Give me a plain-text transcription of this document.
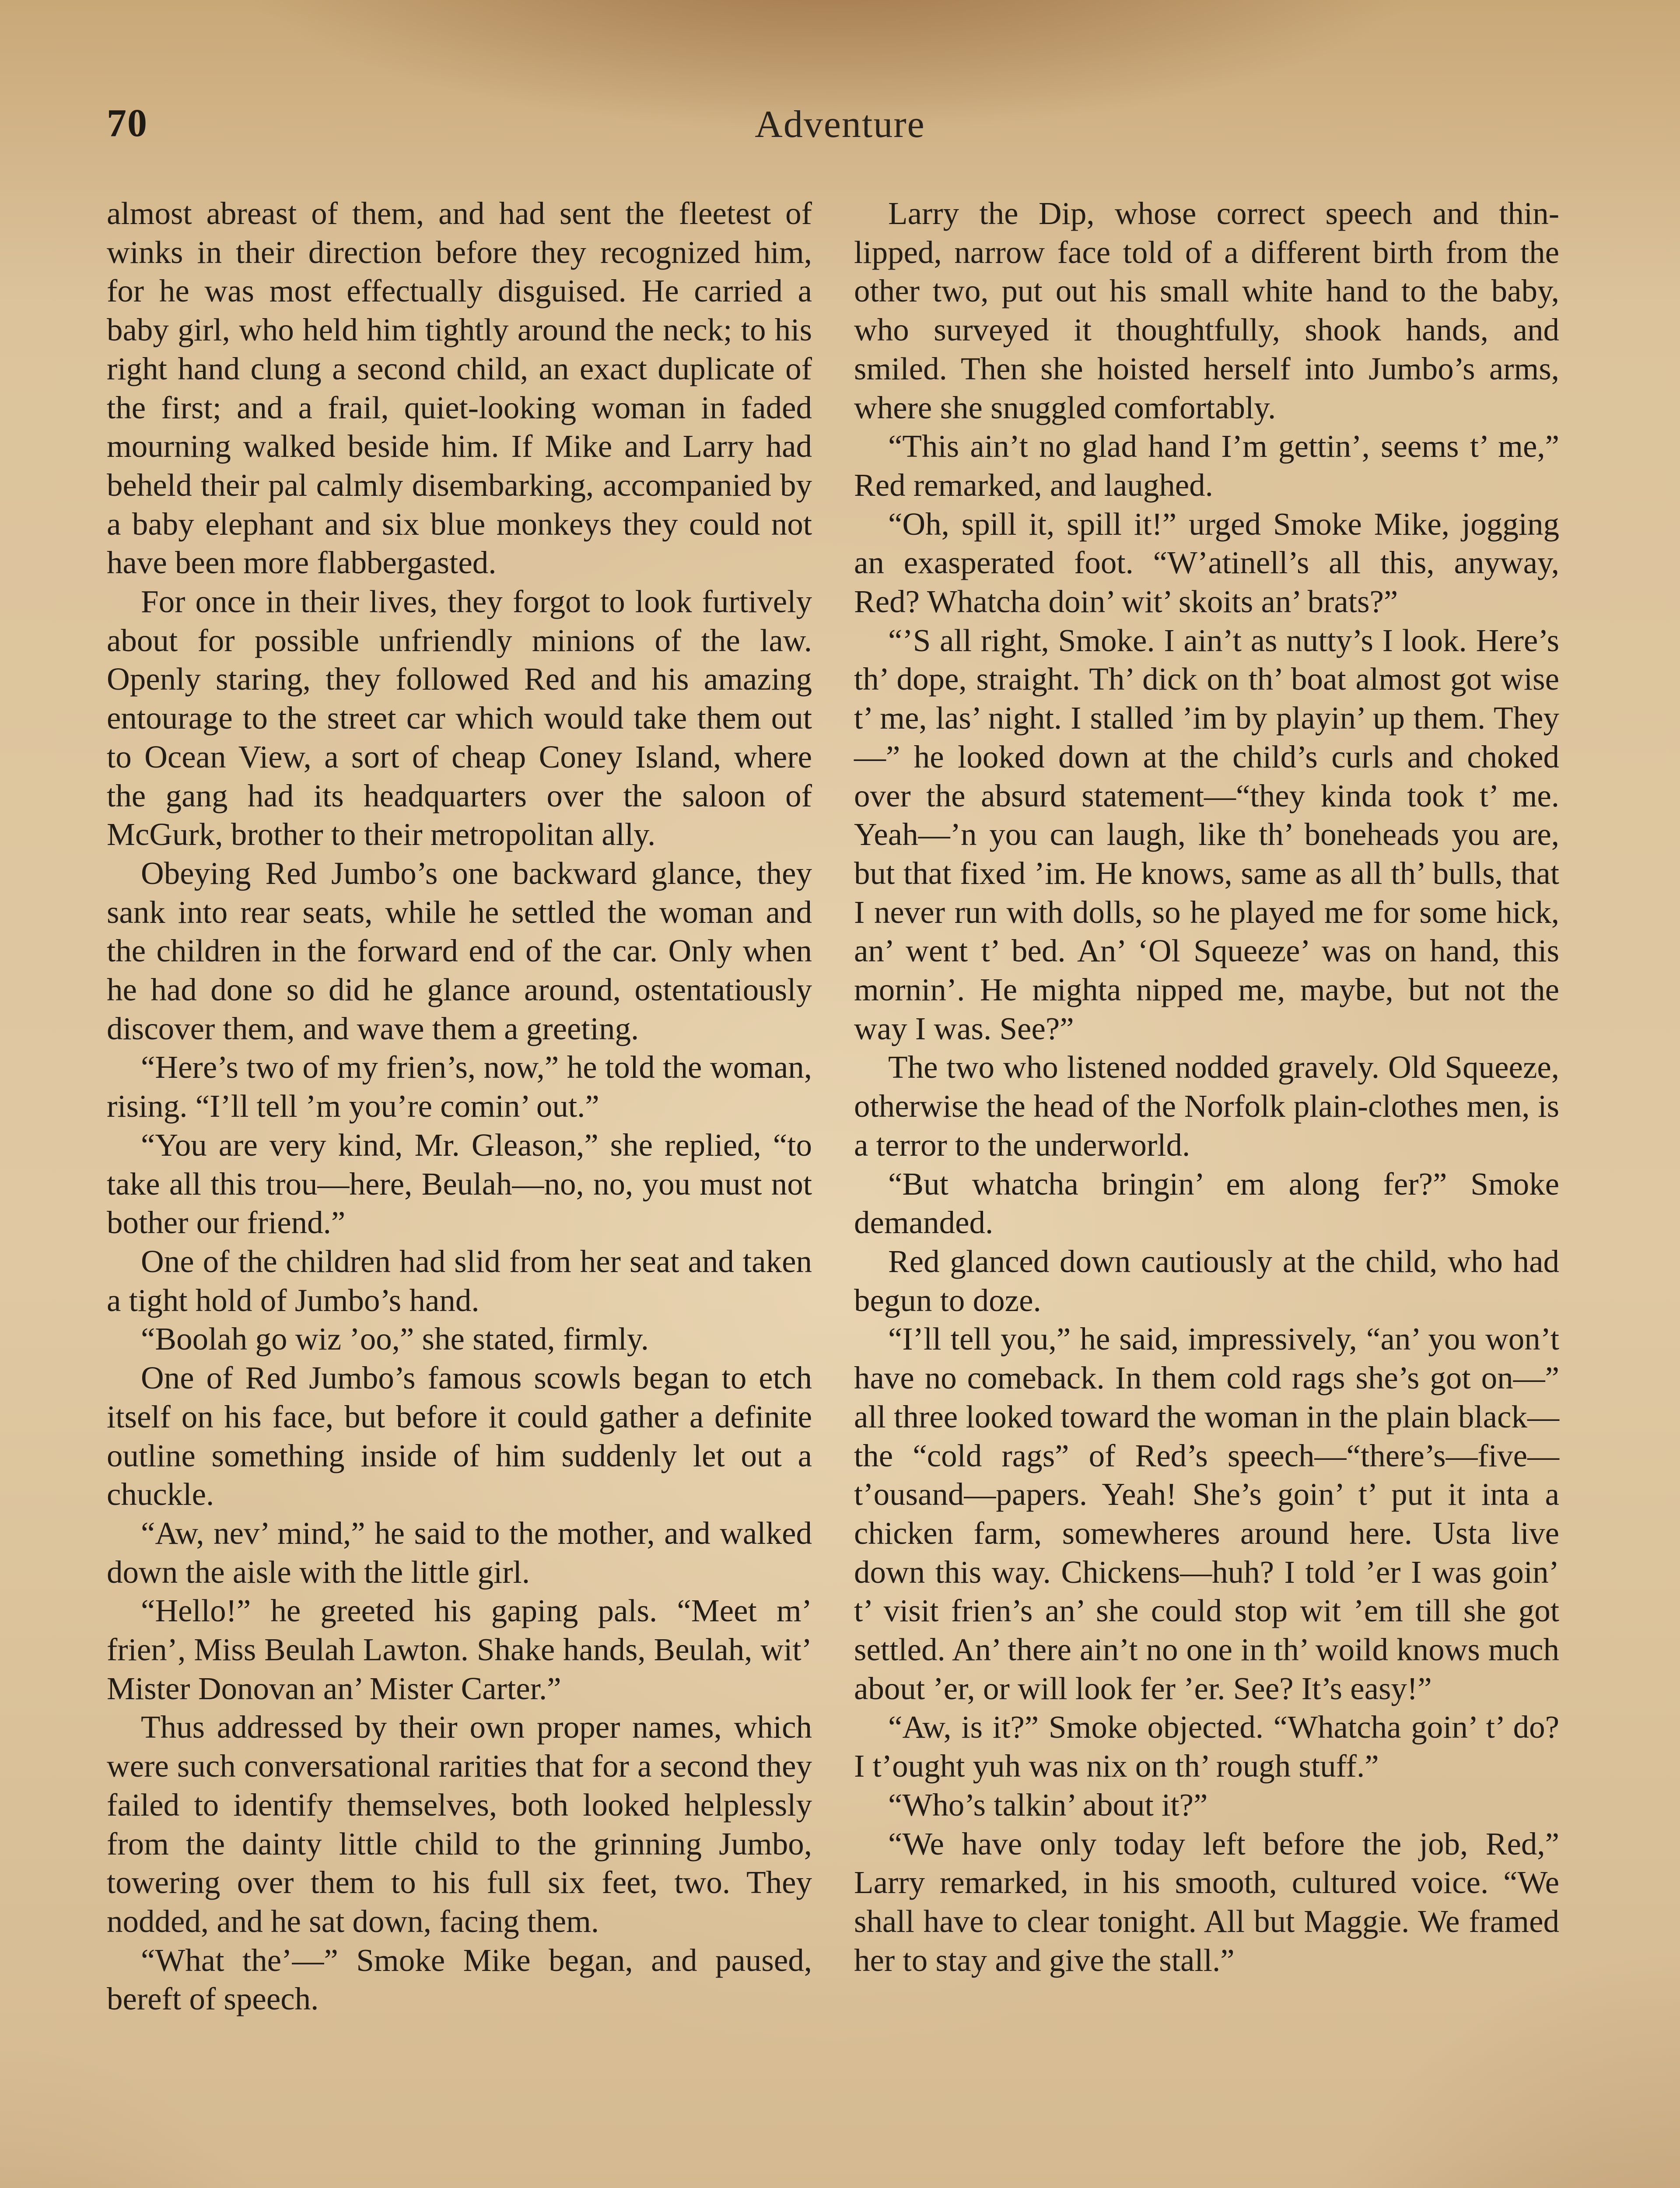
70	Adventure

almost abreast of them, and had sent the fleetest of winks in their direction before they recognized him, for he was most effectually disguised. He carried a baby girl, who held him tightly around the neck; to his right hand clung a second child, an exact duplicate of the first; and a frail, quiet-looking woman in faded mourning walked beside him. If Mike and Larry had beheld their pal calmly disembarking, accompanied by a baby elephant and six blue monkeys they could not have been more flabbergasted.

For once in their lives, they forgot to look furtively about for possible unfriendly minions of the law. Openly staring, they followed Red and his amazing entourage to the street car which would take them out to Ocean View, a sort of cheap Coney Island, where the gang had its headquarters over the saloon of McGurk, brother to their metropolitan ally.

Obeying Red Jumbo’s one backward glance, they sank into rear seats, while he settled the woman and the children in the forward end of the car. Only when he had done so did he glance around, ostentatiously discover them, and wave them a greeting.

“Here’s two of my frien’s, now,” he told the woman, rising. “I’ll tell ’m you’re comin’ out.”

“You are very kind, Mr. Gleason,” she replied, “to take all this trou—here, Beulah—no, no, you must not bother our friend.”

One of the children had slid from her seat and taken a tight hold of Jumbo’s hand.

“Boolah go wiz ’oo,” she stated, firmly.

One of Red Jumbo’s famous scowls began to etch itself on his face, but before it could gather a definite outline something inside of him suddenly let out a chuckle.

“Aw, nev’ mind,” he said to the mother, and walked down the aisle with the little girl.

“Hello!” he greeted his gaping pals. “Meet m’ frien’, Miss Beulah Lawton. Shake hands, Beulah, wit’ Mister Donovan an’ Mister Carter.”

Thus addressed by their own proper names, which were such conversational rarities that for a second they failed to identify themselves, both looked helplessly from the dainty little child to the grinning Jumbo, towering over them to his full six feet, two. They nodded, and he sat down, facing them.

“What the’—” Smoke Mike began, and paused, bereft of speech.

Larry the Dip, whose correct speech and thin-lipped, narrow face told of a different birth from the other two, put out his small white hand to the baby, who surveyed it thoughtfully, shook hands, and smiled. Then she hoisted herself into Jumbo’s arms, where she snuggled comfortably.

“This ain’t no glad hand I’m gettin’, seems t’ me,” Red remarked, and laughed.

“Oh, spill it, spill it!” urged Smoke Mike, jogging an exasperated foot. “W’atinell’s all this, anyway, Red? Whatcha doin’ wit’ skoits an’ brats?”

“’S all right, Smoke. I ain’t as nutty’s I look. Here’s th’ dope, straight. Th’ dick on th’ boat almost got wise t’ me, las’ night. I stalled ’im by playin’ up them. They—” he looked down at the child’s curls and choked over the absurd statement—“they kinda took t’ me. Yeah—’n you can laugh, like th’ boneheads you are, but that fixed ’im. He knows, same as all th’ bulls, that I never run with dolls, so he played me for some hick, an’ went t’ bed. An’ ‘Ol Squeeze’ was on hand, this mornin’. He mighta nipped me, maybe, but not the way I was. See?”

The two who listened nodded gravely. Old Squeeze, otherwise the head of the Norfolk plain-clothes men, is a terror to the underworld.

“But whatcha bringin’ em along fer?” Smoke demanded.

Red glanced down cautiously at the child, who had begun to doze.

“I’ll tell you,” he said, impressively, “an’ you won’t have no comeback. In them cold rags she’s got on—” all three looked toward the woman in the plain black—the “cold rags” of Red’s speech—“there’s—five—t’ousand—papers. Yeah! She’s goin’ t’ put it inta a chicken farm, somewheres around here. Usta live down this way. Chickens—huh? I told ’er I was goin’ t’ visit frien’s an’ she could stop wit ’em till she got settled. An’ there ain’t no one in th’ woild knows much about ’er, or will look fer ’er. See? It’s easy!”

“Aw, is it?” Smoke objected. “Whatcha goin’ t’ do? I t’ought yuh was nix on th’ rough stuff.”

“Who’s talkin’ about it?”

“We have only today left before the job, Red,” Larry remarked, in his smooth, cultured voice. “We shall have to clear tonight. All but Maggie. We framed her to stay and give the stall.”
